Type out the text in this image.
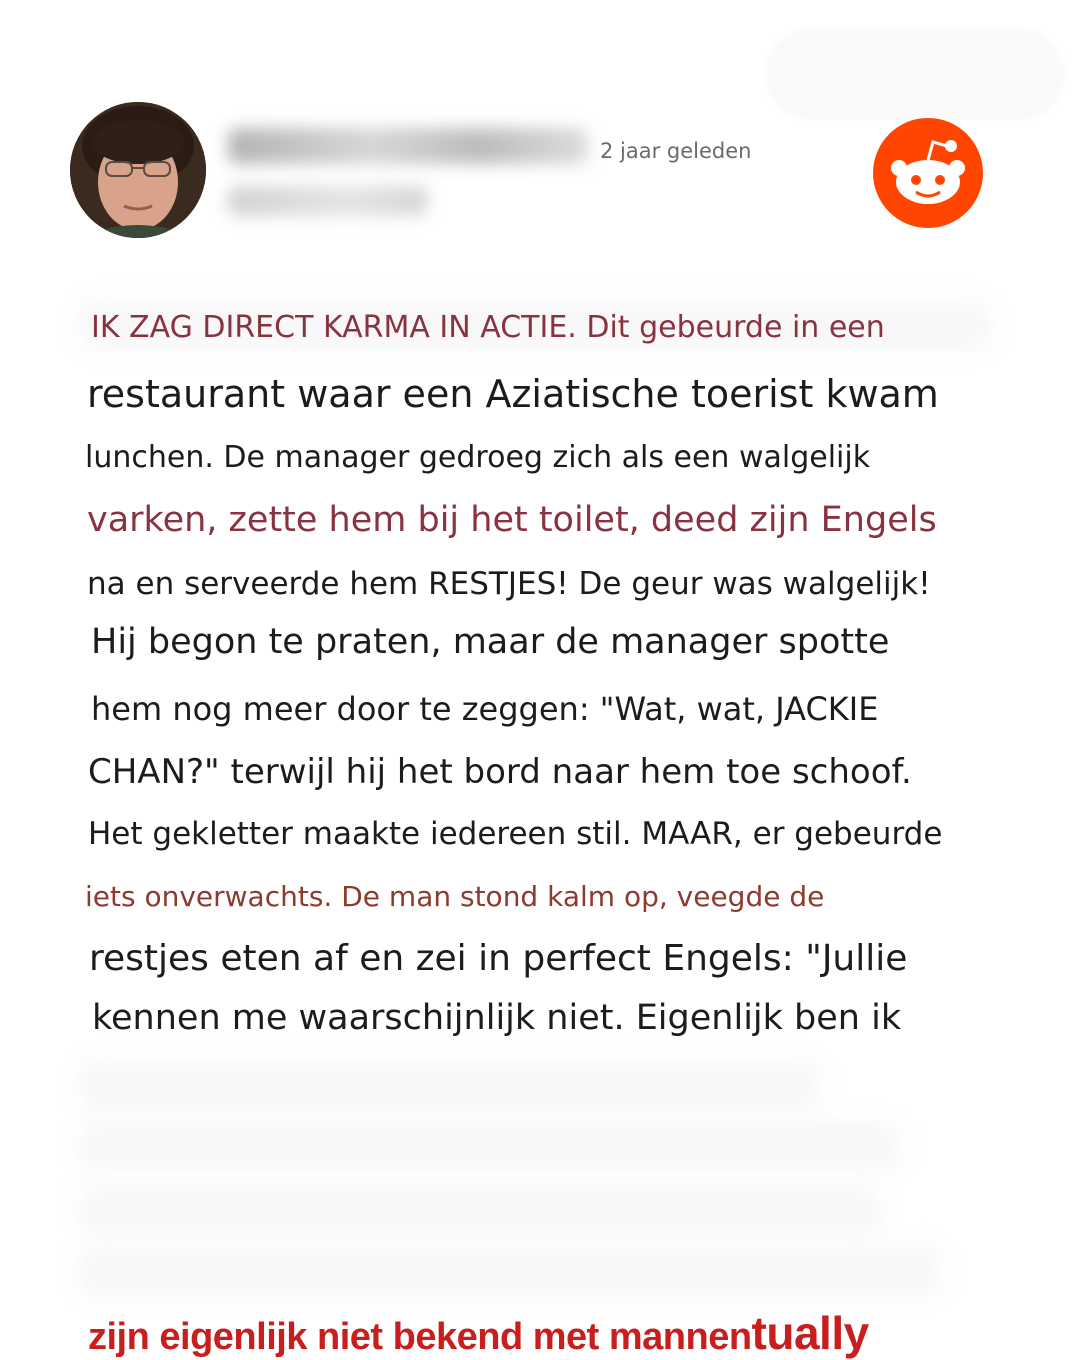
2 jaar geleden
IK ZAG DIRECT KARMA IN ACTIE. Dit gebeurde in een
restaurant waar een Aziatische toerist kwam
lunchen. De manager gedroeg zich als een walgelijk
varken, zette hem bij het toilet, deed zijn Engels
na en serveerde hem RESTJES! De geur was walgelijk!
Hij begon te praten, maar de manager spotte
hem nog meer door te zeggen: "Wat, wat, JACKIE
CHAN?" terwijl hij het bord naar hem toe schoof.
Het gekletter maakte iedereen stil. MAAR, er gebeurde
iets onverwachts. De man stond kalm op, veegde de
restjes eten af en zei in perfect Engels: "Jullie
kennen me waarschijnlijk niet. Eigenlijk ben ik
zijn eigenlijk niet bekend met mannentually
